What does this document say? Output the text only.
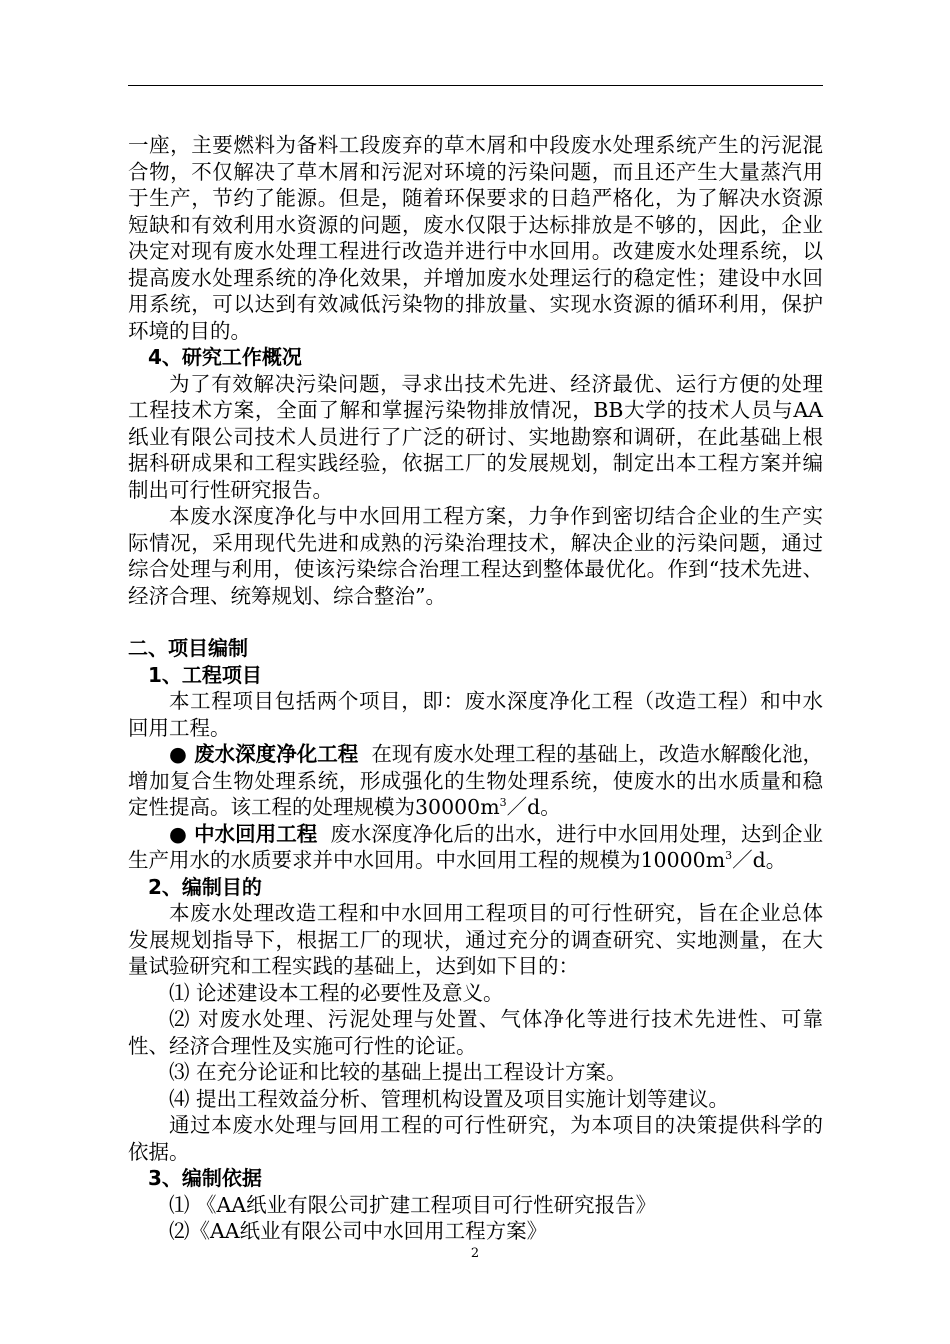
一座，主要燃料为备料工段废弃的草木屑和中段废水处理系统产生的污泥混合物，不仅解决了草木屑和污泥对环境的污染问题，而且还产生大量蒸汽用于生产，节约了能源。但是，随着环保要求的日趋严格化，为了解决水资源短缺和有效利用水资源的问题，废水仅限于达标排放是不够的，因此，企业决定对现有废水处理工程进行改造并进行中水回用。改建废水处理系统，以提高废水处理系统的净化效果，并增加废水处理运行的稳定性；建设中水回用系统，可以达到有效减低污染物的排放量、实现水资源的循环利用，保护环境的目的。

4、研究工作概况

为了有效解决污染问题，寻求出技术先进、经济最优、运行方便的处理工程技术方案，全面了解和掌握污染物排放情况，BB大学的技术人员与AA纸业有限公司技术人员进行了广泛的研讨、实地勘察和调研，在此基础上根据科研成果和工程实践经验，依据工厂的发展规划，制定出本工程方案并编制出可行性研究报告。

本废水深度净化与中水回用工程方案，力争作到密切结合企业的生产实际情况，采用现代先进和成熟的污染治理技术，解决企业的污染问题，通过综合处理与利用，使该污染综合治理工程达到整体最优化。作到“技术先进、经济合理、统筹规划、综合整治”。

二、项目编制

1、工程项目

本工程项目包括两个项目，即：废水深度净化工程（改造工程）和中水回用工程。

● 废水深度净化工程 在现有废水处理工程的基础上，改造水解酸化池，增加复合生物处理系统，形成强化的生物处理系统，使废水的出水质量和稳定性提高。该工程的处理规模为$30000m^3/d$。

● 中水回用工程 废水深度净化后的出水，进行中水回用处理，达到企业生产用水的水质要求并中水回用。中水回用工程的规模为$10000m^3/d$。

2、编制目的

本废水处理改造工程和中水回用工程项目的可行性研究，旨在企业总体发展规划指导下，根据工厂的现状，通过充分的调查研究、实地测量，在大量试验研究和工程实践的基础上，达到如下目的：

⑴ 论述建设本工程的必要性及意义。

⑵ 对废水处理、污泥处理与处置、气体净化等进行技术先进性、可靠性、经济合理性及实施可行性的论证。

⑶ 在充分论证和比较的基础上提出工程设计方案。

⑷ 提出工程效益分析、管理机构设置及项目实施计划等建议。

通过本废水处理与回用工程的可行性研究，为本项目的决策提供科学的依据。

3、编制依据

⑴ 《AA纸业有限公司扩建工程项目可行性研究报告》

⑵《AA纸业有限公司中水回用工程方案》

2
